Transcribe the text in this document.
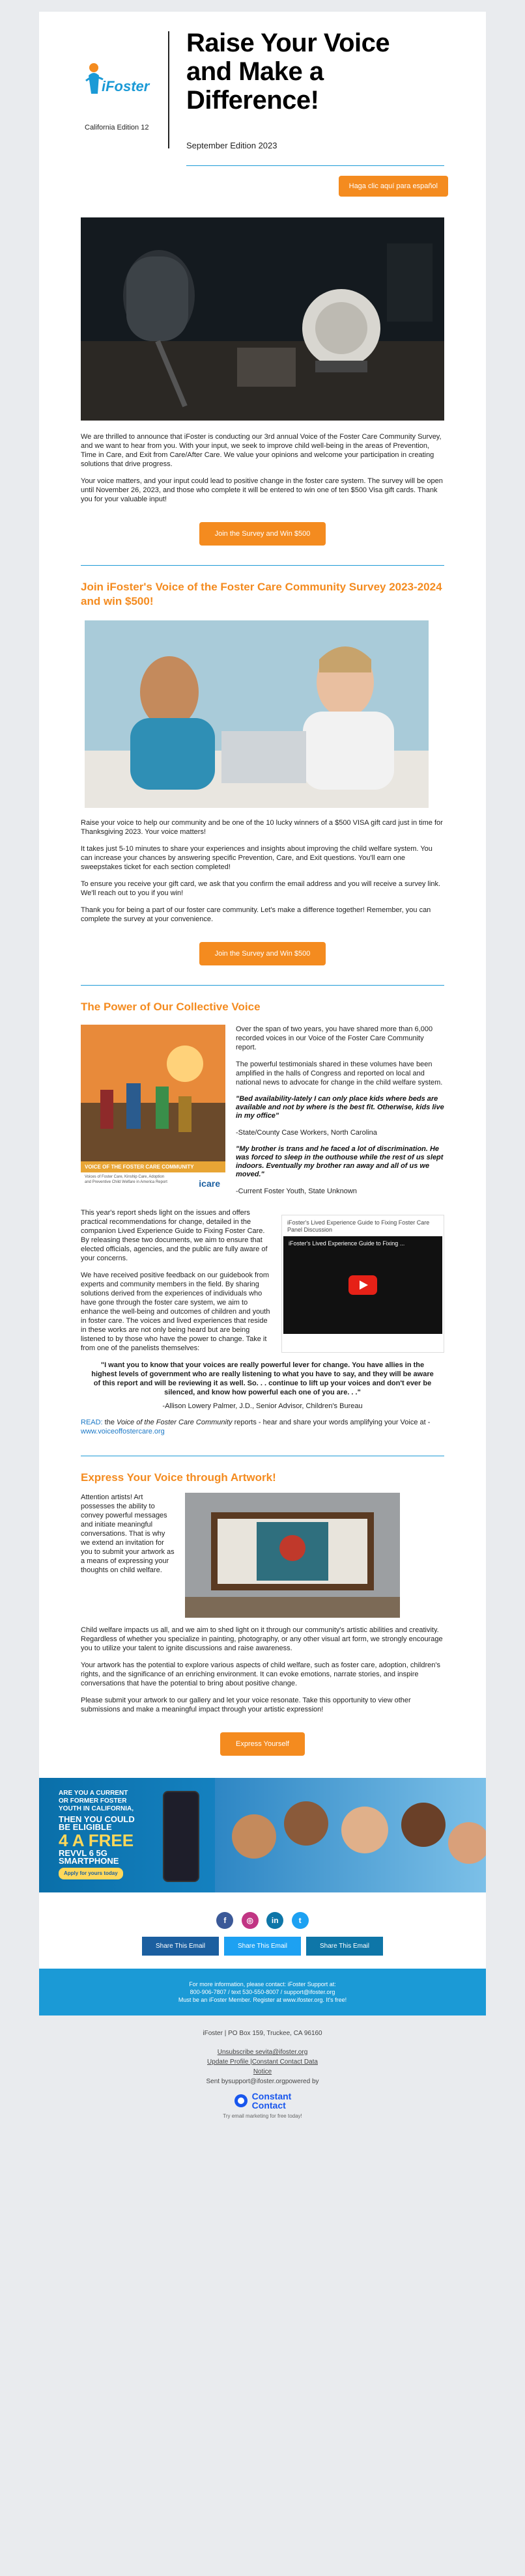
iFoster
California Edition 12
Raise Your Voice
and Make a
Difference!
September Edition 2023
Haga clic aquí para español

We are thrilled to announce that iFoster is conducting our 3rd annual Voice of the Foster Care Community Survey, and we want to hear from you. With your input, we seek to improve child well-being in the areas of Prevention, Time in Care, and Exit from Care/After Care. We value your opinions and welcome your participation in creating solutions that drive progress.

Your voice matters, and your input could lead to positive change in the foster care system. The survey will be open until November 26, 2023, and those who complete it will be entered to win one of ten $500 Visa gift cards. Thank you for your valuable input!

Join the Survey and Win $500
Join iFoster's Voice of the Foster Care Community Survey 2023-2024 and win $500!

Raise your voice to help our community and be one of the 10 lucky winners of a $500 VISA gift card just in time for Thanksgiving 2023. Your voice matters!

It takes just 5-10 minutes to share your experiences and insights about improving the child welfare system. You can increase your chances by answering specific Prevention, Care, and Exit questions. You'll earn one sweepstakes ticket for each section completed!

To ensure you receive your gift card, we ask that you confirm the email address and you will receive a survey link. We'll reach out to you if you win!

Thank you for being a part of our foster care community. Let's make a difference together! Remember, you can complete the survey at your convenience.

Join the Survey and Win $500
The Power of Our Collective Voice
VOICE OF THE FOSTER CARE COMMUNITY
Voices of Foster Care, Kinship Care, Adoption and Preventive Child Welfare in America Report	icare

Over the span of two years, you have shared more than 6,000 recorded voices in our Voice of the Foster Care Community report.

The powerful testimonials shared in these volumes have been amplified in the halls of Congress and reported on local and national news to advocate for change in the child welfare system.

"Bed availability-lately I can only place kids where beds are available and not by where is the best fit. Otherwise, kids live in my office"

-State/County Case Workers, North Carolina

"My brother is trans and he faced a lot of discrimination. He was forced to sleep in the outhouse while the rest of us slept indoors. Eventually my brother ran away and all of us we moved."

-Current Foster Youth, State Unknown

This year's report sheds light on the issues and offers practical recommendations for change, detailed in the companion Lived Experience Guide to Fixing Foster Care. By releasing these two documents, we aim to ensure that elected officials, agencies, and the public are fully aware of your concerns.

We have received positive feedback on our guidebook from experts and community members in the field. By sharing solutions derived from the experiences of individuals who have gone through the foster care system, we aim to enhance the well-being and outcomes of children and youth in foster care. The voices and lived experiences that reside in these works are not only being heard but are being listened to by those who have the power to change. Take it from one of the panelists themselves:

iFoster's Lived Experience Guide to Fixing Foster Care Panel Discussion
iFoster's Lived Experience Guide to Fixing ...

"I want you to know that your voices are really powerful lever for change. You have allies in the highest levels of government who are really listening to what you have to say, and they will be aware of this report and will be reviewing it as well. So. . . continue to lift up your voices and don't ever be silenced, and know how powerful each one of you are. . ."

-Allison Lowery Palmer, J.D., Senior Advisor, Children's Bureau

READ: the Voice of the Foster Care Community reports - hear and share your words amplifying your Voice at - www.voiceoffostercare.org

Express Your Voice through Artwork!

Attention artists! Art possesses the ability to convey powerful messages and initiate meaningful conversations. That is why we extend an invitation for you to submit your artwork as a means of expressing your thoughts on child welfare.

Child welfare impacts us all, and we aim to shed light on it through our community's artistic abilities and creativity. Regardless of whether you specialize in painting, photography, or any other visual art form, we strongly encourage you to utilize your talent to ignite discussions and raise awareness.

Your artwork has the potential to explore various aspects of child welfare, such as foster care, adoption, children's rights, and the significance of an enriching environment. It can evoke emotions, narrate stories, and inspire conversations that have the potential to bring about positive change.

Please submit your artwork to our gallery and let your voice resonate. Take this opportunity to view other submissions and make a meaningful impact through your artistic expression!

Express Yourself
ARE YOU A CURRENT
OR FORMER FOSTER
YOUTH IN CALIFORNIA,
THEN YOU COULD
BE ELIGIBLE
4 A FREE
REVVL 6 5G
SMARTPHONE
Apply for yours today
f	◎ in	t
Share This Email	Share This Email	Share This Email
For more information, please contact: iFoster Support at:
800-906-7807 / text 530-550-8007 / support@ifoster.org
Must be an iFoster Member. Register at www.ifoster.org. It's free!
iFoster | PO Box 159, Truckee, CA 96160
Unsubscribe sevita@ifoster.org
Update Profile |Constant Contact Data
Notice
Sent bysupport@ifoster.orgpowered by
Constant
Contact
Try email marketing for free today!
